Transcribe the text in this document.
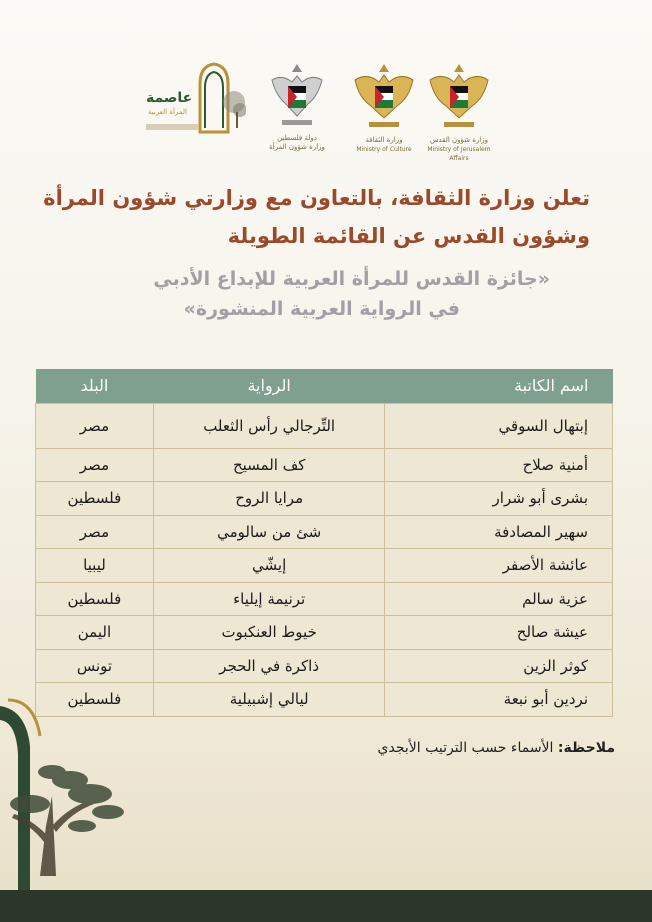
عاصمة
المرأة العربية
دولة فلسطين
وزارة شؤون المرأة
وزارة الثقافة
Ministry of Culture
وزارة شؤون القدس
Ministry of Jerusalem Affairs
تعلن وزارة الثقافة، بالتعاون مع وزارتي شؤون المرأة
وشؤون القدس عن القائمة الطويلة
«جائزة القدس للمرأة العربية للإبداع الأدبي
في الرواية العربية المنشورة»
اسم الكاتبة	الرواية	البلد
إبتهال السوقي	التِّرجالي رأس الثعلب	مصر
أمنية صلاح	كف المسيح	مصر
بشرى أبو شرار	مرايا الروح	فلسطين
سهير المصادفة	شئ من سالومي	مصر
عائشة الأصفر	إيشّي	ليبيا
عزية سالم	ترنيمة إيلياء	فلسطين
عيشة صالح	خيوط العنكبوت	اليمن
كوثر الزين	ذاكرة في الحجر	تونس
نردين أبو نبعة	ليالي إشبيلية	فلسطين
ملاحظة: الأسماء حسب الترتيب الأبجدي
